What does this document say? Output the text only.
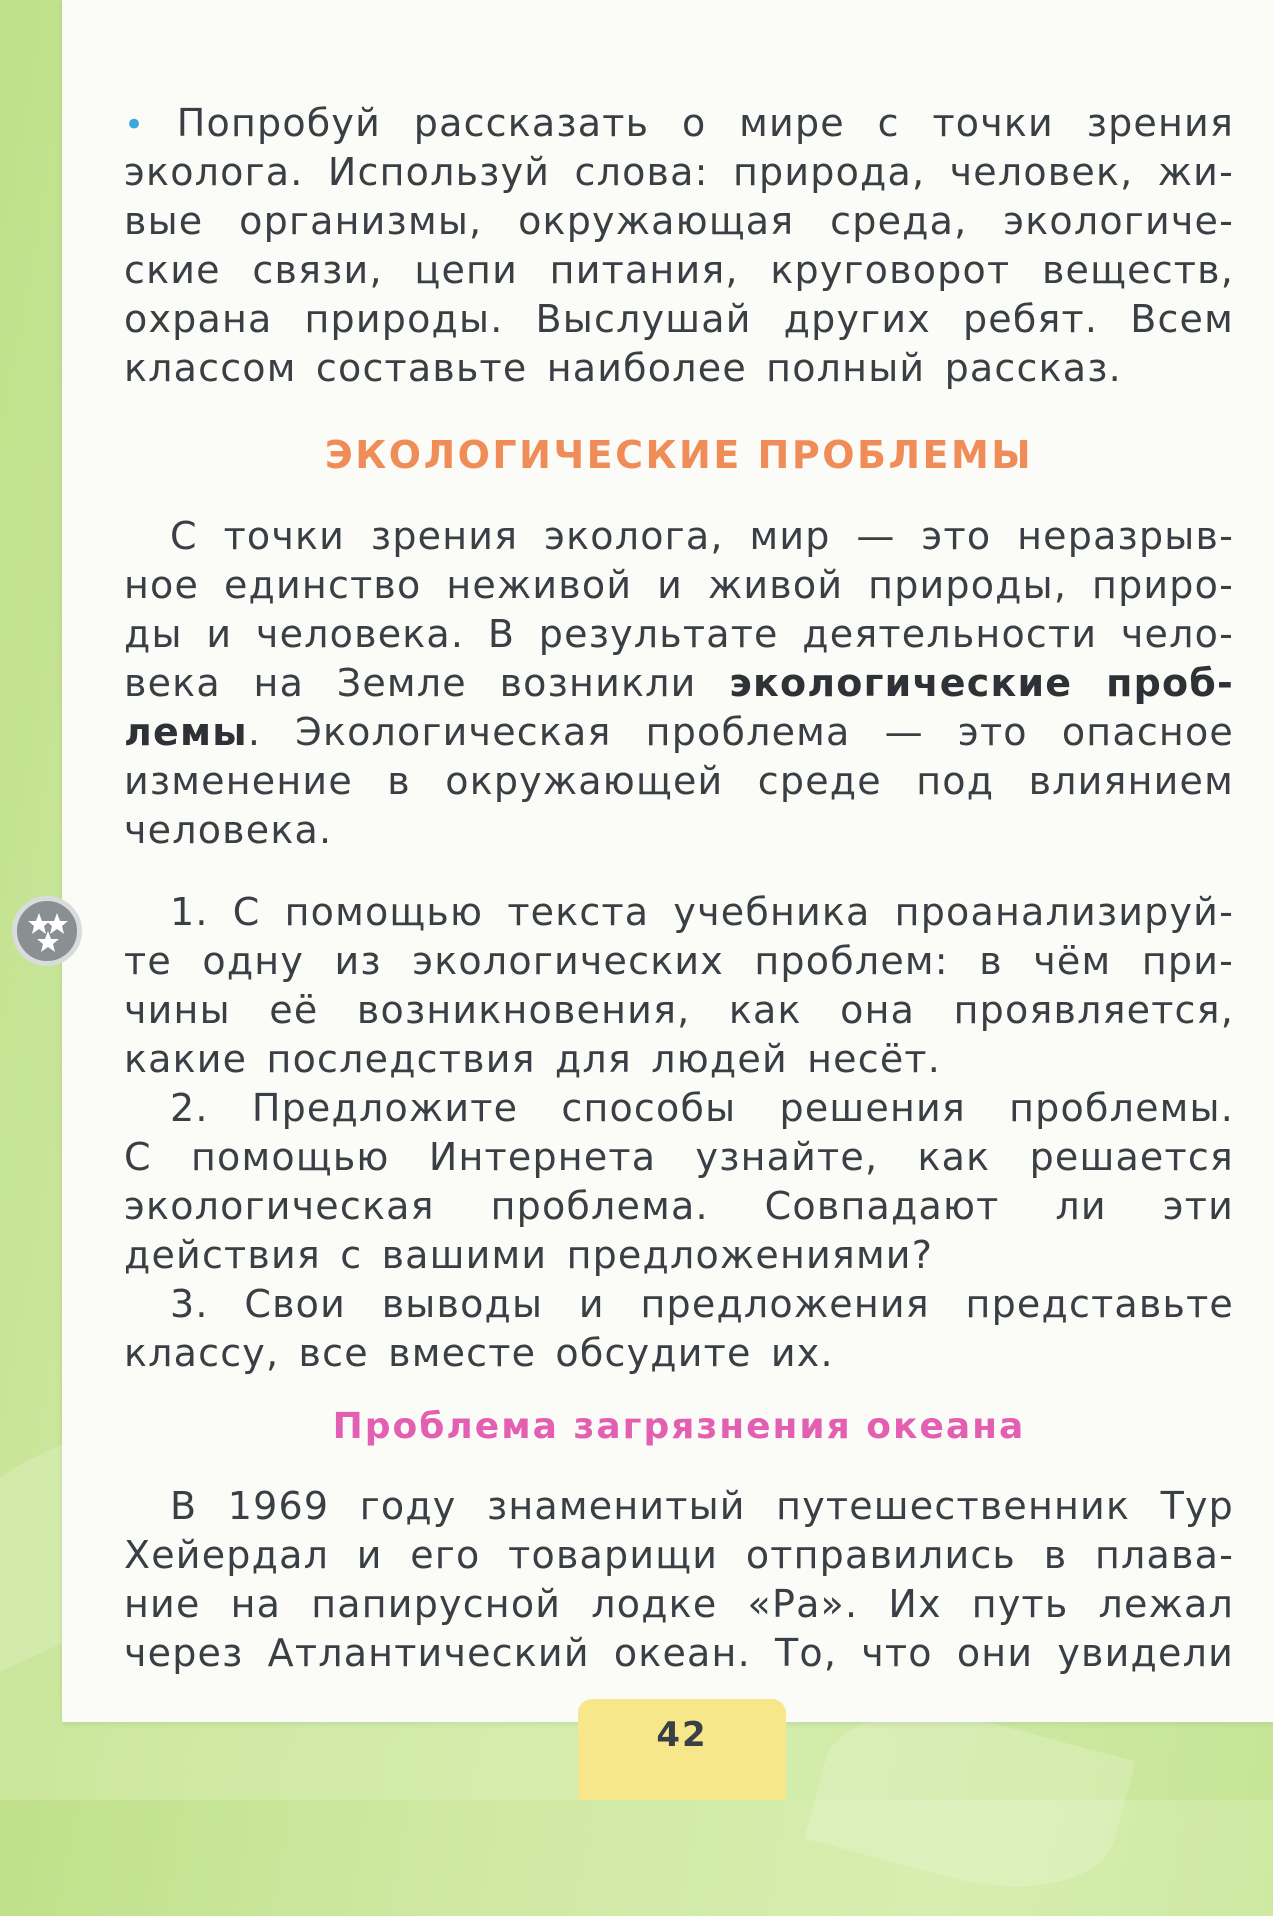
• Попробуй рассказать о мире с точки зрения
эколога. Используй слова: природа, человек, жи-
вые организмы, окружающая среда, экологиче-
ские связи, цепи питания, круговорот веществ,
охрана природы. Выслушай других ребят. Всем
классом составьте наиболее полный рассказ.
ЭКОЛОГИЧЕСКИЕ ПРОБЛЕМЫ
С точки зрения эколога, мир — это неразрыв-
ное единство неживой и живой природы, приро-
ды и человека. В результате деятельности чело-
века на Земле возникли экологические проб-
лемы. Экологическая проблема — это опасное
изменение в окружающей среде под влиянием
человека.
1. С помощью текста учебника проанализируй-
те одну из экологических проблем: в чём при-
чины её возникновения, как она проявляется,
какие последствия для людей несёт.
2. Предложите способы решения проблемы.
С помощью Интернета узнайте, как решается
экологическая проблема. Совпадают ли эти
действия с вашими предложениями?
3. Свои выводы и предложения представьте
классу, все вместе обсудите их.
Проблема загрязнения океана
В 1969 году знаменитый путешественник Тур
Хейердал и его товарищи отправились в плава-
ние на папирусной лодке «Ра». Их путь лежал
через Атлантический океан. То, что они увидели
42
